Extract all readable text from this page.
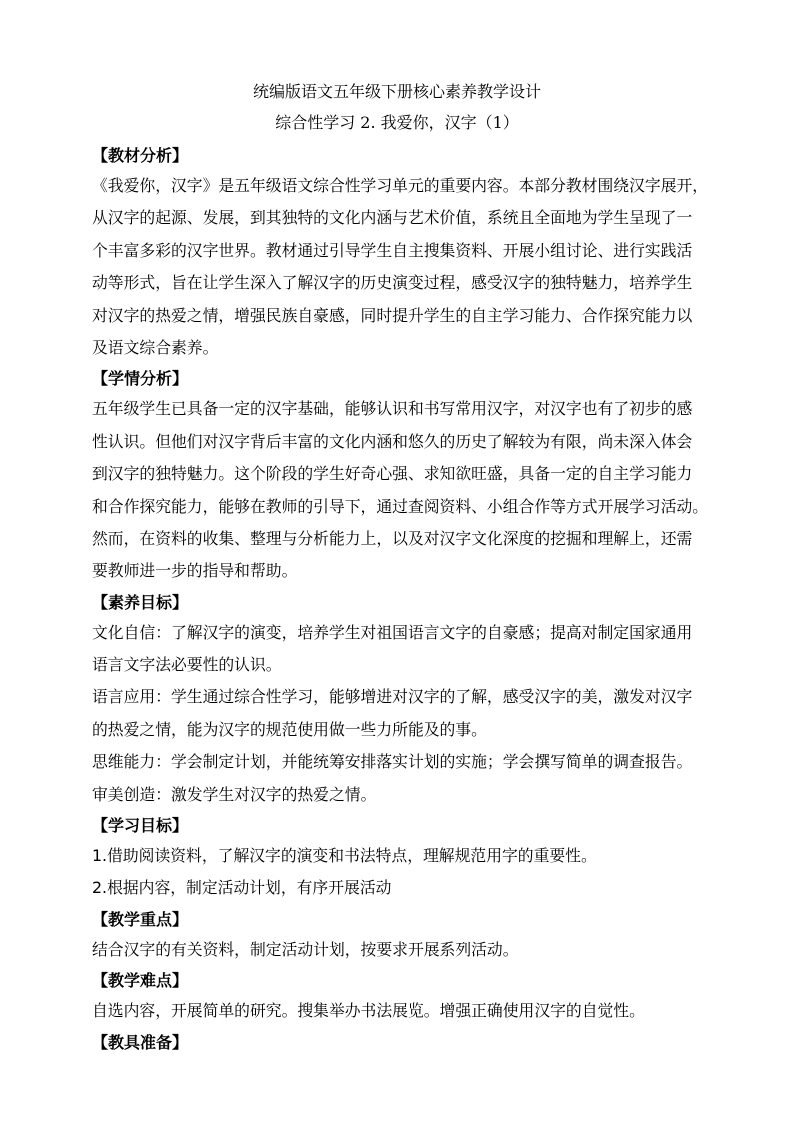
统编版语文五年级下册核心素养教学设计
综合性学习 2. 我爱你，汉字（1）
【教材分析】
《我爱你，汉字》是五年级语文综合性学习单元的重要内容。本部分教材围绕汉字展开，
从汉字的起源、发展，到其独特的文化内涵与艺术价值，系统且全面地为学生呈现了一
个丰富多彩的汉字世界。教材通过引导学生自主搜集资料、开展小组讨论、进行实践活
动等形式，旨在让学生深入了解汉字的历史演变过程，感受汉字的独特魅力，培养学生
对汉字的热爱之情，增强民族自豪感，同时提升学生的自主学习能力、合作探究能力以
及语文综合素养。
【学情分析】
五年级学生已具备一定的汉字基础，能够认识和书写常用汉字，对汉字也有了初步的感
性认识。但他们对汉字背后丰富的文化内涵和悠久的历史了解较为有限，尚未深入体会
到汉字的独特魅力。这个阶段的学生好奇心强、求知欲旺盛，具备一定的自主学习能力
和合作探究能力，能够在教师的引导下，通过查阅资料、小组合作等方式开展学习活动。
然而，在资料的收集、整理与分析能力上，以及对汉字文化深度的挖掘和理解上，还需
要教师进一步的指导和帮助。
【素养目标】
文化自信：了解汉字的演变，培养学生对祖国语言文字的自豪感；提高对制定国家通用
语言文字法必要性的认识。
语言应用：学生通过综合性学习，能够增进对汉字的了解，感受汉字的美，激发对汉字
的热爱之情，能为汉字的规范使用做一些力所能及的事。
思维能力：学会制定计划，并能统筹安排落实计划的实施；学会撰写简单的调查报告。
审美创造：激发学生对汉字的热爱之情。
【学习目标】
1.借助阅读资料，了解汉字的演变和书法特点，理解规范用字的重要性。
2.根据内容，制定活动计划，有序开展活动
【教学重点】
结合汉字的有关资料，制定活动计划，按要求开展系列活动。
【教学难点】
自选内容，开展简单的研究。搜集举办书法展览。增强正确使用汉字的自觉性。
【教具准备】
